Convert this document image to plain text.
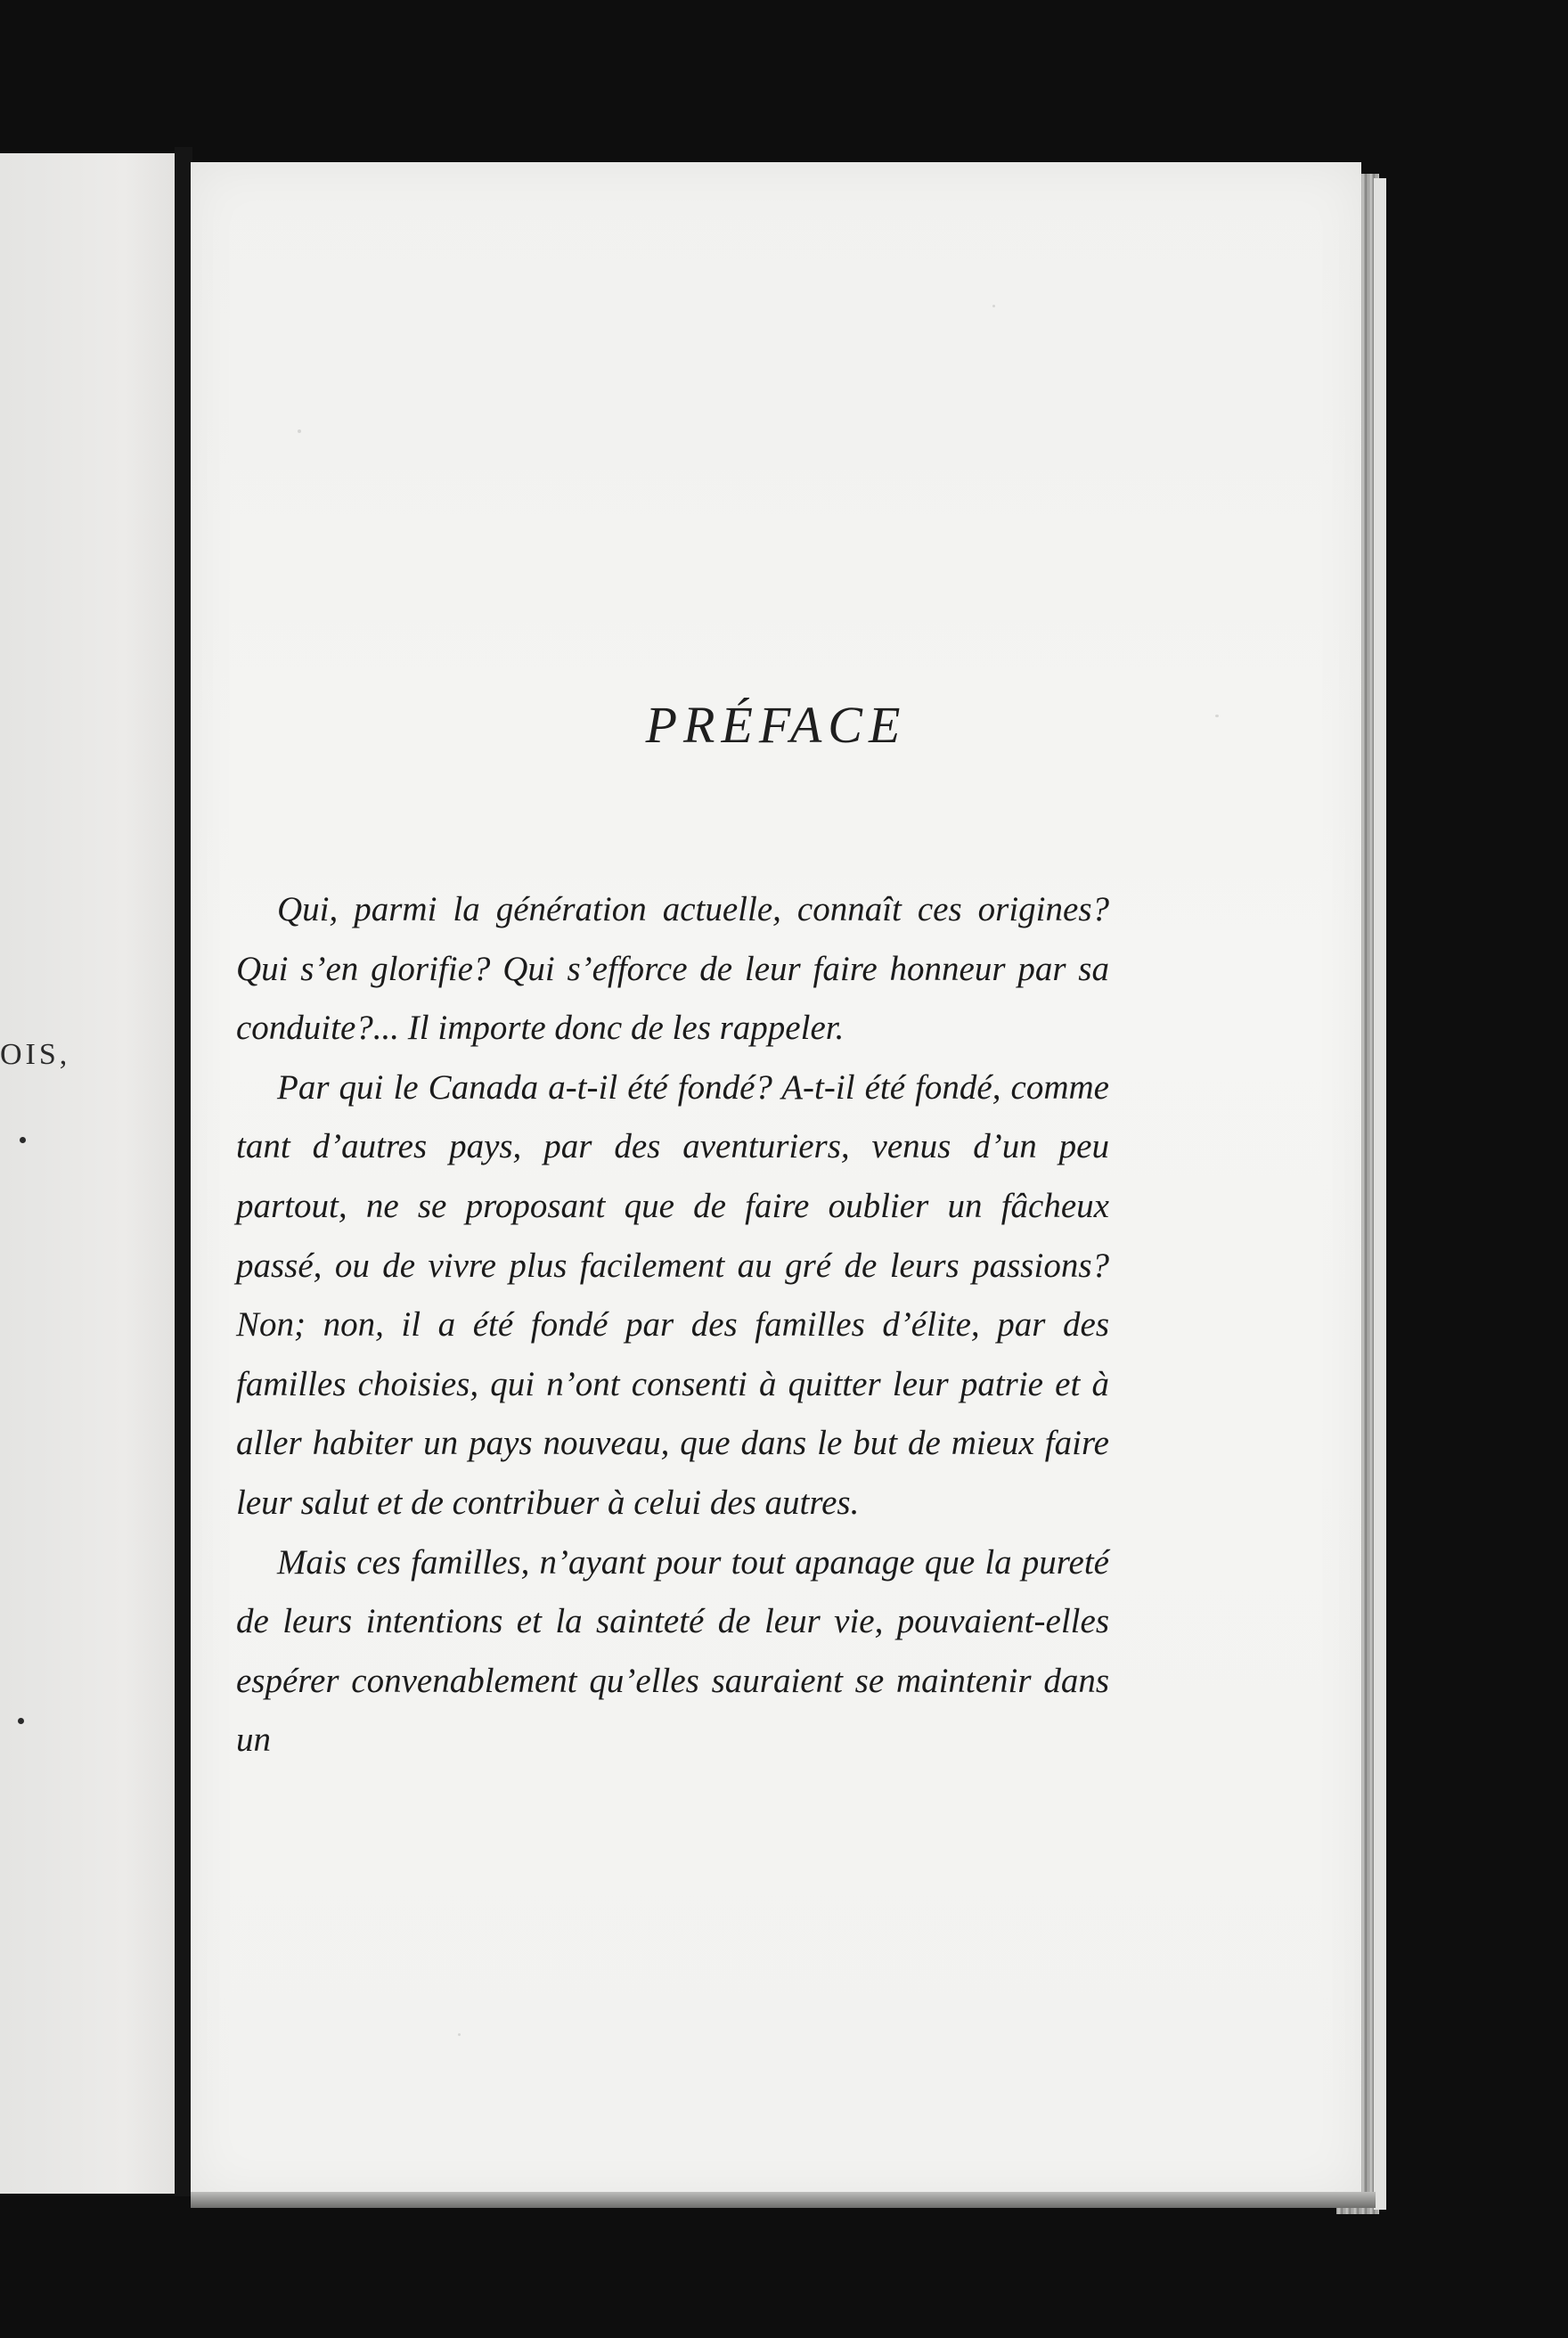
ΟIS,
PRÉFACE

Qui, parmi la génération actuelle, connaît ces origines? Qui s’en glorifie? Qui s’efforce de leur faire honneur par sa conduite?... Il importe donc de les rappeler.

Par qui le Canada a-t-il été fondé? A-t-il été fondé, comme tant d’autres pays, par des aventuriers, venus d’un peu partout, ne se proposant que de faire oublier un fâcheux passé, ou de vivre plus facilement au gré de leurs passions? Non; non, il a été fondé par des familles d’élite, par des familles choisies, qui n’ont consenti à quitter leur patrie et à aller habiter un pays nouveau, que dans le but de mieux faire leur salut et de contribuer à celui des autres.

Mais ces familles, n’ayant pour tout apanage que la pureté de leurs intentions et la sainteté de leur vie, pouvaient-elles espérer convenablement qu’elles sauraient se maintenir dans un
